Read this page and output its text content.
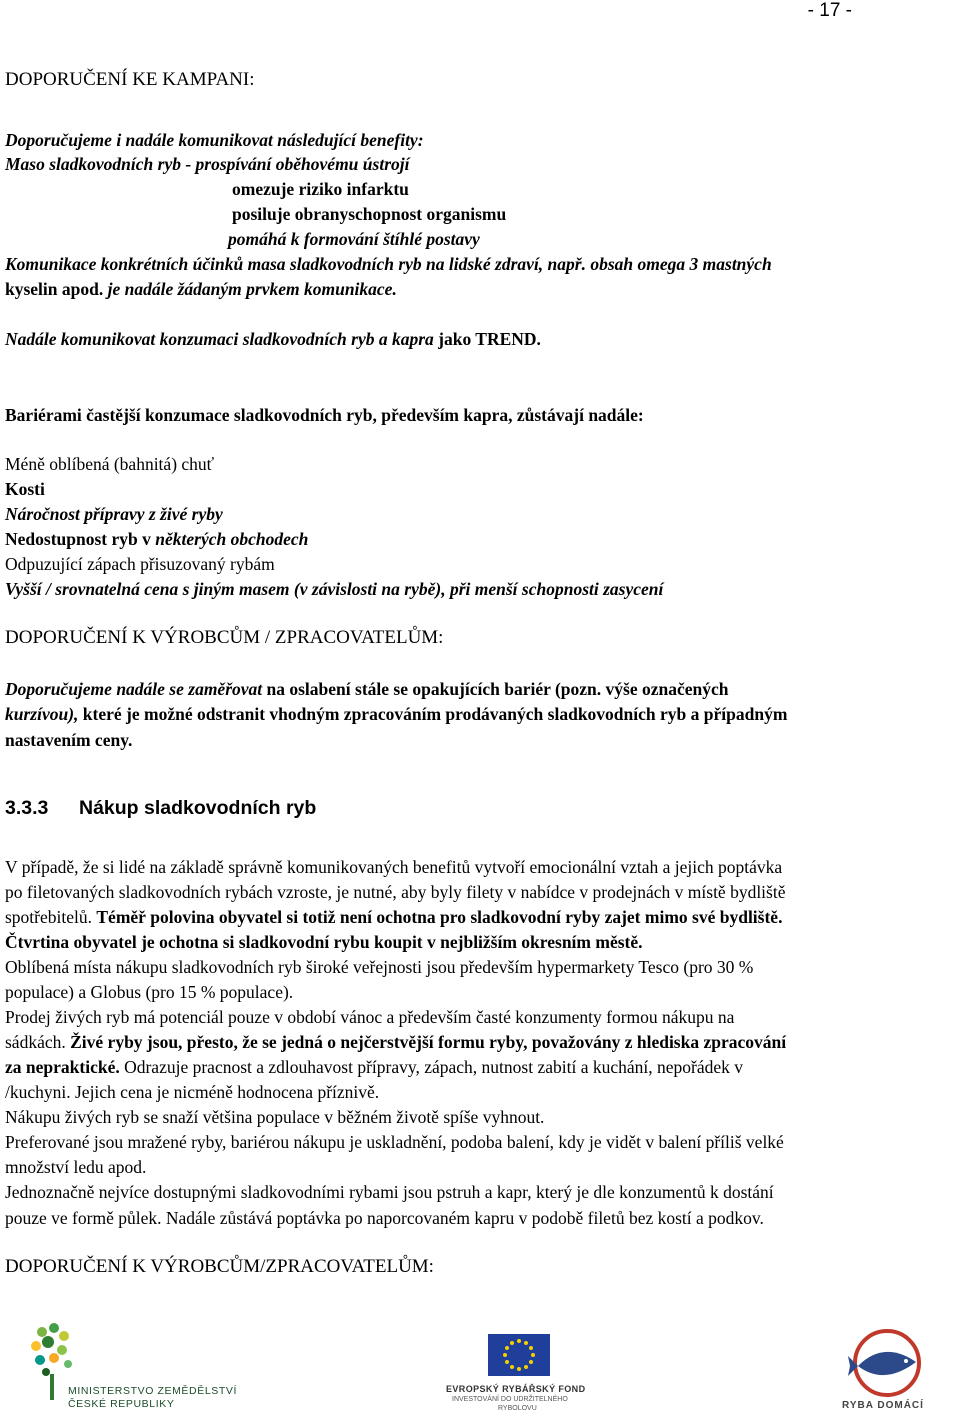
- 17 -
DOPORUČENÍ KE KAMPANI:
Doporučujeme i nadále komunikovat následující benefity:
Maso sladkovodních ryb - prospívání oběhovému ústrojí
omezuje riziko infarktu
posiluje obranyschopnost organismu
pomáhá k formování štíhlé postavy
Komunikace konkrétních účinků masa sladkovodních ryb na lidské zdraví, např. obsah omega 3 mastných
kyselin apod. je nadále žádaným prvkem komunikace.
Nadále komunikovat konzumaci sladkovodních ryb a kapra jako TREND.
Bariérami častější konzumace sladkovodních ryb, především kapra, zůstávají nadále:
Méně oblíbená (bahnitá) chuť
Kosti
Náročnost přípravy z živé ryby
Nedostupnost ryb v některých obchodech
Odpuzující zápach přisuzovaný rybám
Vyšší / srovnatelná cena s jiným masem (v závislosti na rybě), při menší schopnosti zasycení
DOPORUČENÍ K VÝROBCŮM / ZPRACOVATELŮM:
Doporučujeme nadále se zaměřovat na oslabení stále se opakujících bariér (pozn. výše označených
kurzívou), které je možné odstranit vhodným zpracováním prodávaných sladkovodních ryb a případným
nastavením ceny.
3.3.3 Nákup sladkovodních ryb
V případě, že si lidé na základě správně komunikovaných benefitů vytvoří emocionální vztah a jejich poptávka
po filetovaných sladkovodních rybách vzroste, je nutné, aby byly filety v nabídce v prodejnách v místě bydliště
spotřebitelů. Téměř polovina obyvatel si totiž není ochotna pro sladkovodní ryby zajet mimo své bydliště.
Čtvrtina obyvatel je ochotna si sladkovodní rybu koupit v nejbližším okresním městě.
Oblíbená místa nákupu sladkovodních ryb široké veřejnosti jsou především hypermarkety Tesco (pro 30 %
populace) a Globus (pro 15 % populace).
Prodej živých ryb má potenciál pouze v období vánoc a především časté konzumenty formou nákupu na
sádkách. Živé ryby jsou, přesto, že se jedná o nejčerstvější formu ryby, považovány z hlediska zpracování
za nepraktické. Odrazuje pracnost a zdlouhavost přípravy, zápach, nutnost zabití a kuchání, nepořádek v
/kuchyni. Jejich cena je nicméně hodnocena příznivě.
Nákupu živých ryb se snaží většina populace v běžném životě spíše vyhnout.
Preferované jsou mražené ryby, bariérou nákupu je uskladnění, podoba balení, kdy je vidět v balení příliš velké
množství ledu apod.
Jednoznačně nejvíce dostupnými sladkovodními rybami jsou pstruh a kapr, který je dle konzumentů k dostání
pouze ve formě půlek. Nadále zůstává poptávka po naporcovaném kapru v podobě filetů bez kostí a podkov.
DOPORUČENÍ K VÝROBCŮM/ZPRACOVATELŮM:
MINISTERSTVO ZEMĚDĚLSTVÍ
ČESKÉ REPUBLIKY
EVROPSKÝ RYBÁŘSKÝ FOND
INVESTOVÁNÍ DO UDRŽITELNÉHO
RYBOLOVU	RYBA DOMÁCÍ
